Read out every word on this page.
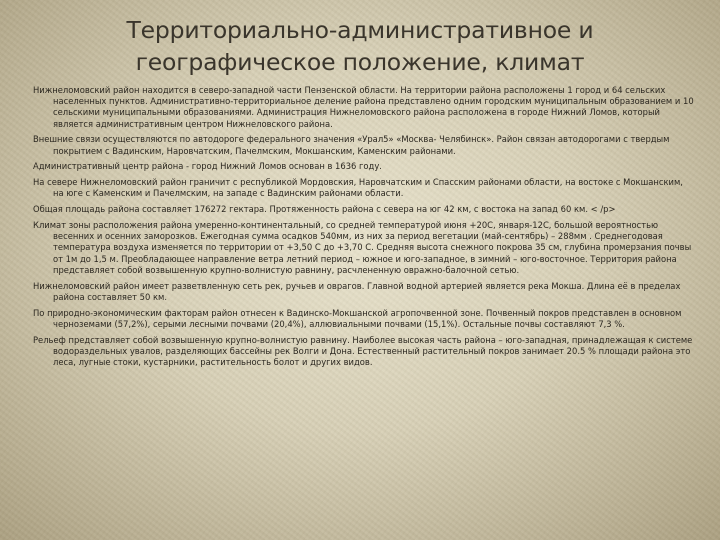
Территориально-административное и
географическое положение, климат

Нижнеломовский район находится в северо-западной части Пензенской области. На территории района расположены 1 город и 64 сельских населенных пунктов. Административно-территориальное деление района представлено одним городским муниципальным образованием и 10 сельскими муниципальными образованиями. Администрация Нижнеломовского района расположена в городе Нижний Ломов, который является административным центром Нижнеловского района.

Внешние связи осуществляются по автодороге федерального значения «Урал5» «Москва- Челябинск». Район связан автодорогами с твердым покрытием с Вадинским, Наровчатским, Пачелмским, Мокшанским, Каменским районами.

Административный центр района - город Нижний Ломов основан в 1636 году.

На севере Нижнеломовский район граничит с республикой Мордовския, Наровчатским и Спасским районами области, на востоке с Мокшанским, на юге с Каменским и Пачелмским, на западе с Вадинским районами области.

Общая площадь района составляет 176272 гектара. Протяженность района с севера на юг 42 км, с востока на запад 60 км. < /p>

Климат зоны расположения района умеренно-континентальный, со средней температурой июня +20С, января-12С, большой вероятностью весенних и осенних заморозков. Ежегодная сумма осадков 540мм, из них за период вегетации (май-сентябрь) – 288мм . Среднегодовая температура воздуха изменяется по территории от +3,50 С до +3,70 С. Средняя высота снежного покрова 35 см, глубина промерзания почвы от 1м до 1,5 м. Преобладающее направление ветра летний период – южное и юго-западное, в зимний – юго-восточное. Территория района представляет собой возвышенную крупно-волнистую равнину, расчлененную овражно-балочной сетью.

Нижнеломовский район имеет разветвленную сеть рек, ручьев и оврагов. Главной водной артерией является река Мокша. Длина её в пределах района составляет 50 км.

По природно-экономическим факторам район отнесен к Вадинско-Мокшанской агропочвенной зоне. Почвенный покров представлен в основном черноземами (57,2%), серыми лесными почвами (20,4%), аллювиальными почвами (15,1%). Остальные почвы составляют 7,3 %.

Рельеф представляет собой возвышенную крупно-волнистую равнину. Наиболее высокая часть района – юго-западная, принадлежащая к системе водораздельных увалов, разделяющих бассейны рек Волги и Дона. Естественный растительный покров занимает 20.5 % площади района это леса, лугные стоки, кустарники, растительность болот и других видов.
